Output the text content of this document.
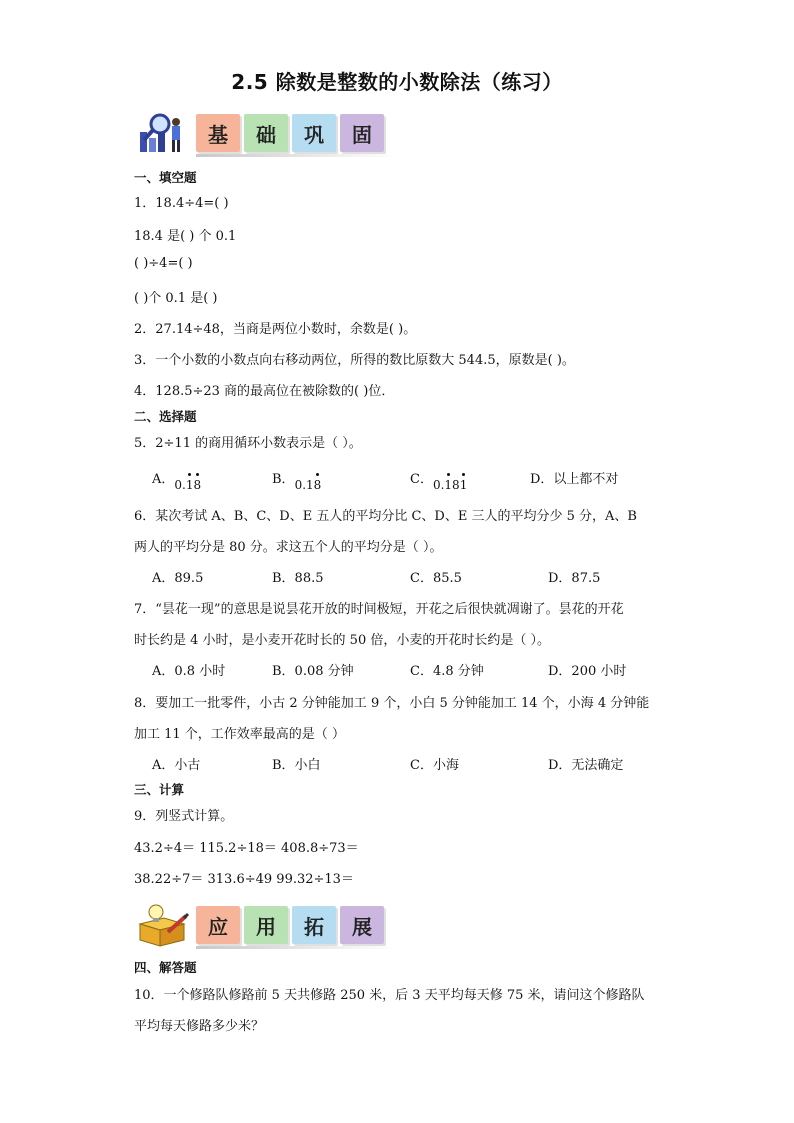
2.5 除数是整数的小数除法（练习）
基	础	巩	固
一、填空题
1．18.4÷4=( )
18.4 是( ) 个 0.1
( )÷4=( )
( )个 0.1 是( )
2．27.14÷48，当商是两位小数时，余数是( )。
3．一个小数的小数点向右移动两位，所得的数比原数大 544.5，原数是( )。
4．128.5÷23 商的最高位在被除数的( )位．
二、选择题
5．2÷11 的商用循环小数表示是（ ）。
A．0.18	B．0.18	C．0.181	D．以上都不对
6．某次考试 A、B、C、D、E 五人的平均分比 C、D、E 三人的平均分少 5 分，A、B
两人的平均分是 80 分。求这五个人的平均分是（ ）。
A．89.5	B．88.5	C．85.5	D．87.5
7．“昙花一现”的意思是说昙花开放的时间极短，开花之后很快就凋谢了。昙花的开花
时长约是 4 小时，是小麦开花时长的 50 倍，小麦的开花时长约是（ ）。
A．0.8 小时	B．0.08 分钟	C．4.8 分钟	D．200 小时
8．要加工一批零件，小古 2 分钟能加工 9 个，小白 5 分钟能加工 14 个，小海 4 分钟能
加工 11 个，工作效率最高的是（ ）
A．小古	B．小白	C．小海	D．无法确定
三、计算
9．列竖式计算。
43.2÷4＝ 115.2÷18＝ 408.8÷73＝
38.22÷7＝ 313.6÷49 99.32÷13＝
应	用	拓	展
四、解答题
10．一个修路队修路前 5 天共修路 250 米，后 3 天平均每天修 75 米，请问这个修路队
平均每天修路多少米？
